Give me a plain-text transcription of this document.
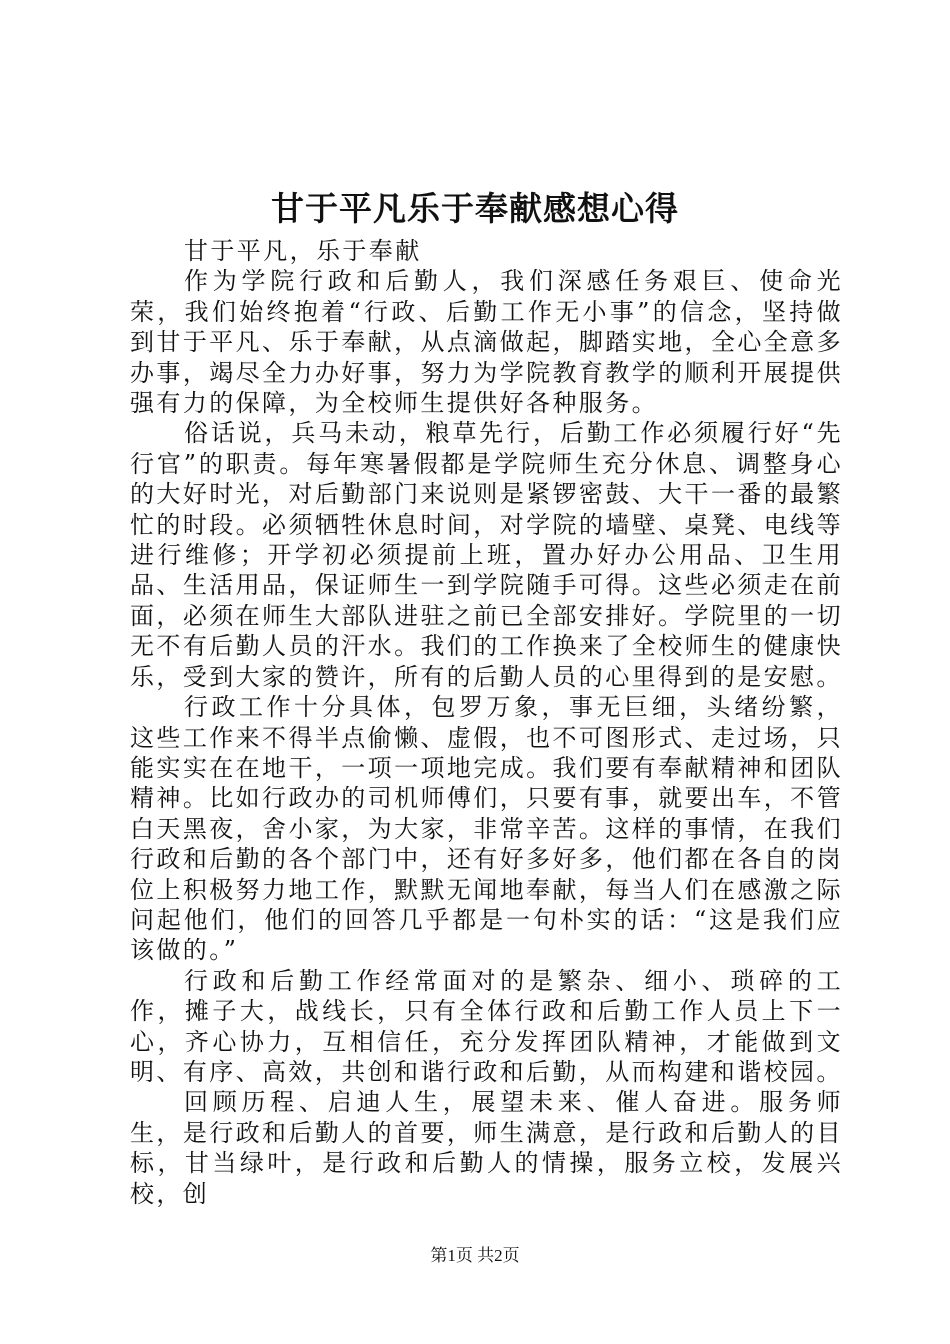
甘于平凡乐于奉献感想心得

甘于平凡，乐于奉献

作为学院行政和后勤人，我们深感任务艰巨、使命光荣，我们始终抱着“行政、后勤工作无小事”的信念，坚持做到甘于平凡、乐于奉献，从点滴做起，脚踏实地，全心全意多办事，竭尽全力办好事，努力为学院教育教学的顺利开展提供强有力的保障，为全校师生提供好各种服务。

俗话说，兵马未动，粮草先行，后勤工作必须履行好“先行官”的职责。每年寒暑假都是学院师生充分休息、调整身心的大好时光，对后勤部门来说则是紧锣密鼓、大干一番的最繁忙的时段。必须牺牲休息时间，对学院的墙壁、桌凳、电线等进行维修；开学初必须提前上班，置办好办公用品、卫生用品、生活用品，保证师生一到学院随手可得。这些必须走在前面，必须在师生大部队进驻之前已全部安排好。学院里的一切无不有后勤人员的汗水。我们的工作换来了全校师生的健康快乐，受到大家的赞许，所有的后勤人员的心里得到的是安慰。

行政工作十分具体，包罗万象，事无巨细，头绪纷繁，这些工作来不得半点偷懒、虚假，也不可图形式、走过场，只能实实在在地干，一项一项地完成。我们要有奉献精神和团队精神。比如行政办的司机师傅们，只要有事，就要出车，不管白天黑夜，舍小家，为大家，非常辛苦。这样的事情，在我们行政和后勤的各个部门中，还有好多好多，他们都在各自的岗位上积极努力地工作，默默无闻地奉献，每当人们在感激之际问起他们，他们的回答几乎都是一句朴实的话：“这是我们应该做的。”

行政和后勤工作经常面对的是繁杂、细小、琐碎的工作，摊子大，战线长，只有全体行政和后勤工作人员上下一心，齐心协力，互相信任，充分发挥团队精神，才能做到文明、有序、高效，共创和谐行政和后勤，从而构建和谐校园。

回顾历程、启迪人生，展望未来、催人奋进。服务师生，是行政和后勤人的首要，师生满意，是行政和后勤人的目标，甘当绿叶，是行政和后勤人的情操，服务立校，发展兴校，创

第1页 共2页
